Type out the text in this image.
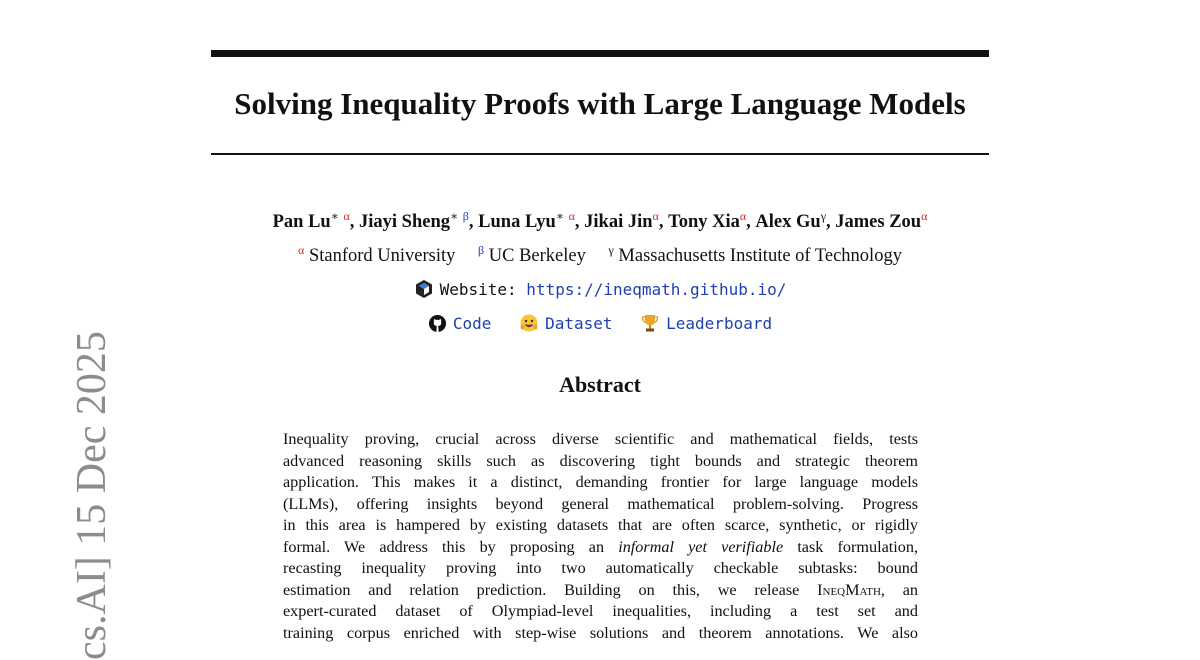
Solving Inequality Proofs with Large Language Models
Pan Lu∗ $^\alpha$, Jiayi Sheng∗ $^\beta$, Luna Lyu∗ $^\alpha$, Jikai Jin$^\alpha$, Tony Xia$^\alpha$, Alex $Gu^\gamma$, James Zou$^\alpha$
$^\alpha$ Stanford University $^\beta$ UC Berkeley $^\gamma$ Massachusetts Institute of Technology
Website: https://ineqmath.github.io/
Code	Dataset	Leaderboard
Abstract
Inequality proving, crucial across diverse scientific and mathematical fields, tests
advanced reasoning skills such as discovering tight bounds and strategic theorem
application. This makes it a distinct, demanding frontier for large language models
(LLMs), offering insights beyond general mathematical problem-solving. Progress
in this area is hampered by existing datasets that are often scarce, synthetic, or rigidly
formal. We address this by proposing an informal yet verifiable task formulation,
recasting inequality proving into two automatically checkable subtasks: bound
estimation and relation prediction. Building on this, we release IneqMath, an
expert-curated dataset of Olympiad-level inequalities, including a test set and
training corpus enriched with step-wise solutions and theorem annotations. We also
cs.AI] 15 Dec 2025
